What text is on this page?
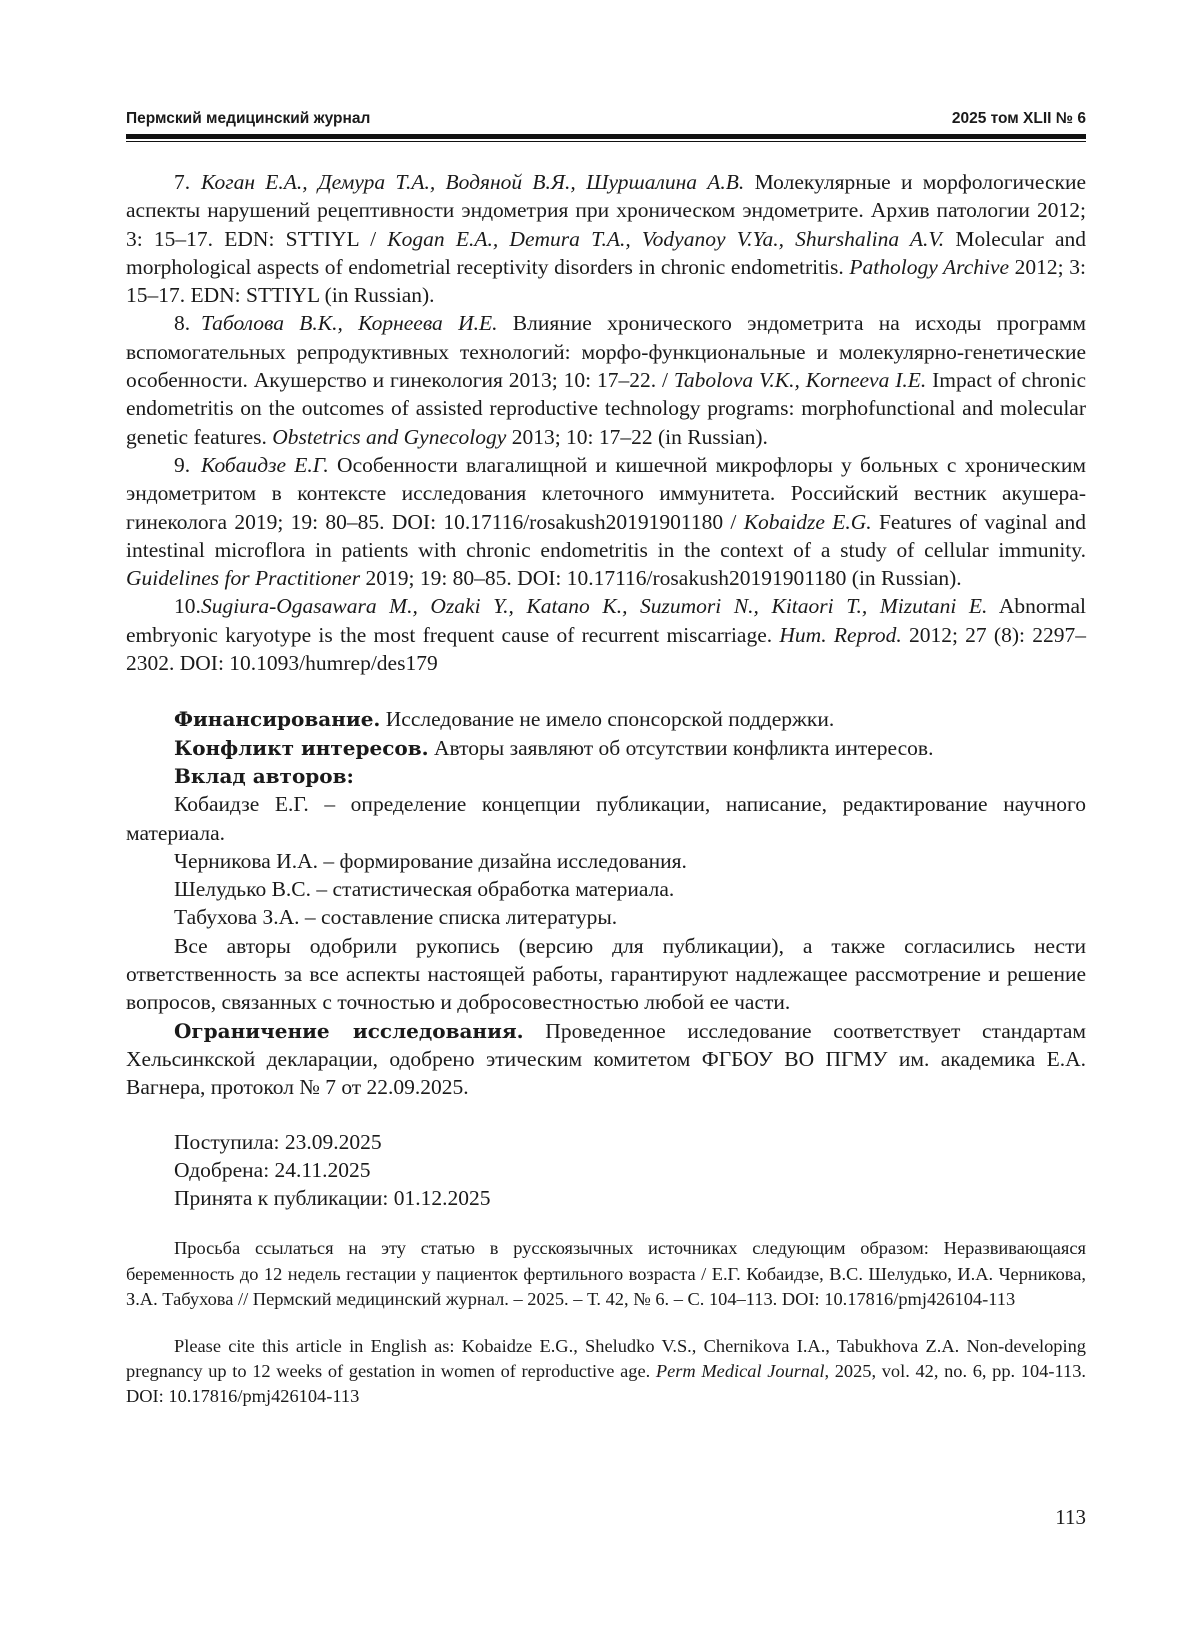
Пермский медицинский журнал	2025 том XLII № 6

7. Коган Е.А., Демура Т.А., Водяной В.Я., Шуршалина А.В. Молекулярные и морфологические аспекты нарушений рецептивности эндометрия при хроническом эндометрите. Архив патологии 2012; 3: 15–17. EDN: STTIYL / Kogan E.A., Demura T.A., Vodyanoy V.Ya., Shurshalina A.V. Molecular and morphological aspects of endometrial receptivity disorders in chronic endometritis. Pathology Archive 2012; 3: 15–17. EDN: STTIYL (in Russian).

8. Таболова В.К., Корнеева И.Е. Влияние хронического эндометрита на исходы программ вспомогательных репродуктивных технологий: морфо-функциональные и молекулярно-генетические особенности. Акушерство и гинекология 2013; 10: 17–22. / Tabolova V.K., Korneeva I.E. Impact of chronic endometritis on the outcomes of assisted reproductive technology programs: morphofunctional and molecular genetic features. Obstetrics and Gynecology 2013; 10: 17–22 (in Russian).

9. Кобаидзе Е.Г. Особенности влагалищной и кишечной микрофлоры у больных с хроническим эндометритом в контексте исследования клеточного иммунитета. Российский вестник акушера-гинеколога 2019; 19: 80–85. DOI: 10.17116/rosakush20191901180 / Kobaidze E.G. Features of vaginal and intestinal microflora in patients with chronic endometritis in the context of a study of cellular immunity. Guidelines for Practitioner 2019; 19: 80–85. DOI: 10.17116/rosakush20191901180 (in Russian).

10.Sugiura-Ogasawara M., Ozaki Y., Katano K., Suzumori N., Kitaori T., Mizutani E. Abnormal embryonic karyotype is the most frequent cause of recurrent miscarriage. Hum. Reprod. 2012; 27 (8): 2297–2302. DOI: 10.1093/humrep/des179

Финансирование. Исследование не имело спонсорской поддержки.

Конфликт интересов. Авторы заявляют об отсутствии конфликта интересов.

Вклад авторов:

Кобаидзе Е.Г. – определение концепции публикации, написание, редактирование научного материала.

Черникова И.А. – формирование дизайна исследования.

Шелудько В.С. – статистическая обработка материала.

Табухова З.А. – составление списка литературы.

Все авторы одобрили рукопись (версию для публикации), а также согласились нести ответственность за все аспекты настоящей работы, гарантируют надлежащее рассмотрение и решение вопросов, связанных с точностью и добросовестностью любой ее части.

Ограничение исследования. Проведенное исследование соответствует стандартам Хельсинкской декларации, одобрено этическим комитетом ФГБОУ ВО ПГМУ им. академика Е.А. Вагнера, протокол № 7 от 22.09.2025.

Поступила: 23.09.2025
Одобрена: 24.11.2025
Принята к публикации: 01.12.2025

Просьба ссылаться на эту статью в русскоязычных источниках следующим образом: Неразвивающаяся беременность до 12 недель гестации у пациенток фертильного возраста / Е.Г. Кобаидзе, В.С. Шелудько, И.А. Черникова, З.А. Табухова // Пермский медицинский журнал. – 2025. – Т. 42, № 6. – С. 104–113. DOI: 10.17816/pmj426104-113

Please cite this article in English as: Kobaidze E.G., Sheludko V.S., Chernikova I.A., Tabukhova Z.A. Non-developing pregnancy up to 12 weeks of gestation in women of reproductive age. Perm Medical Journal, 2025, vol. 42, no. 6, pp. 104-113. DOI: 10.17816/pmj426104-113

113
